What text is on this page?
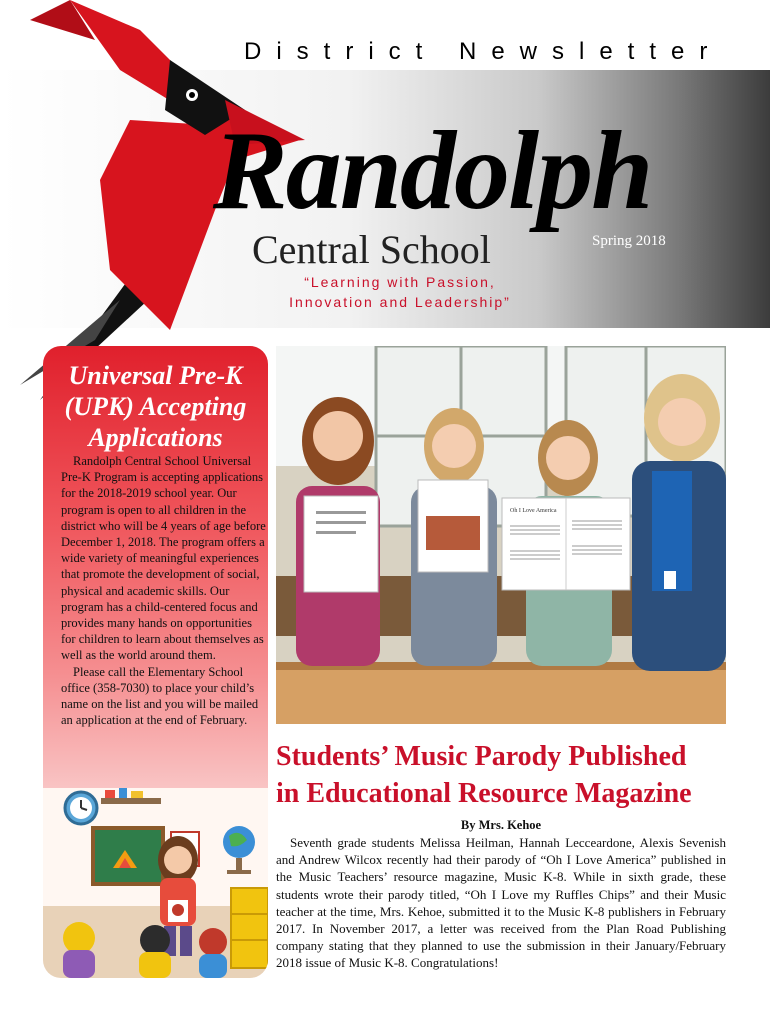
District Newsletter
Randolph
Central School	Spring 2018
“Learning with Passion,
Innovation and Leadership”
Universal Pre-K
(UPK) Accepting
Applications

Randolph Central School Universal Pre-K Program is accepting applications for the 2018-2019 school year. Our program is open to all children in the district who will be 4 years of age before December 1, 2018. The program offers a wide variety of meaningful experiences that promote the development of social, physical and academic skills. Our program has a child-centered focus and provides many hands on opportunities for children to learn about themselves as well as the world around them.

Please call the Elementary School office (358-7030) to place your child’s name on the list and you will be mailed an application at the end of February.

Oh I Love America
Students’ Music Parody Published
in Educational Resource Magazine
By Mrs. Kehoe

Seventh grade students Melissa Heilman, Hannah Lecceardone, Alexis Sevenish and Andrew Wilcox recently had their parody of “Oh I Love America” published in the Music Teachers’ resource magazine, Music K-8. While in sixth grade, these students wrote their parody titled, “Oh I Love my Ruffles Chips” and their Music teacher at the time, Mrs. Kehoe, submitted it to the Music K-8 publishers in February 2017. In November 2017, a letter was received from the Plan Road Publishing company stating that they planned to use the submission in their January/February 2018 issue of Music K-8. Congratulations!
